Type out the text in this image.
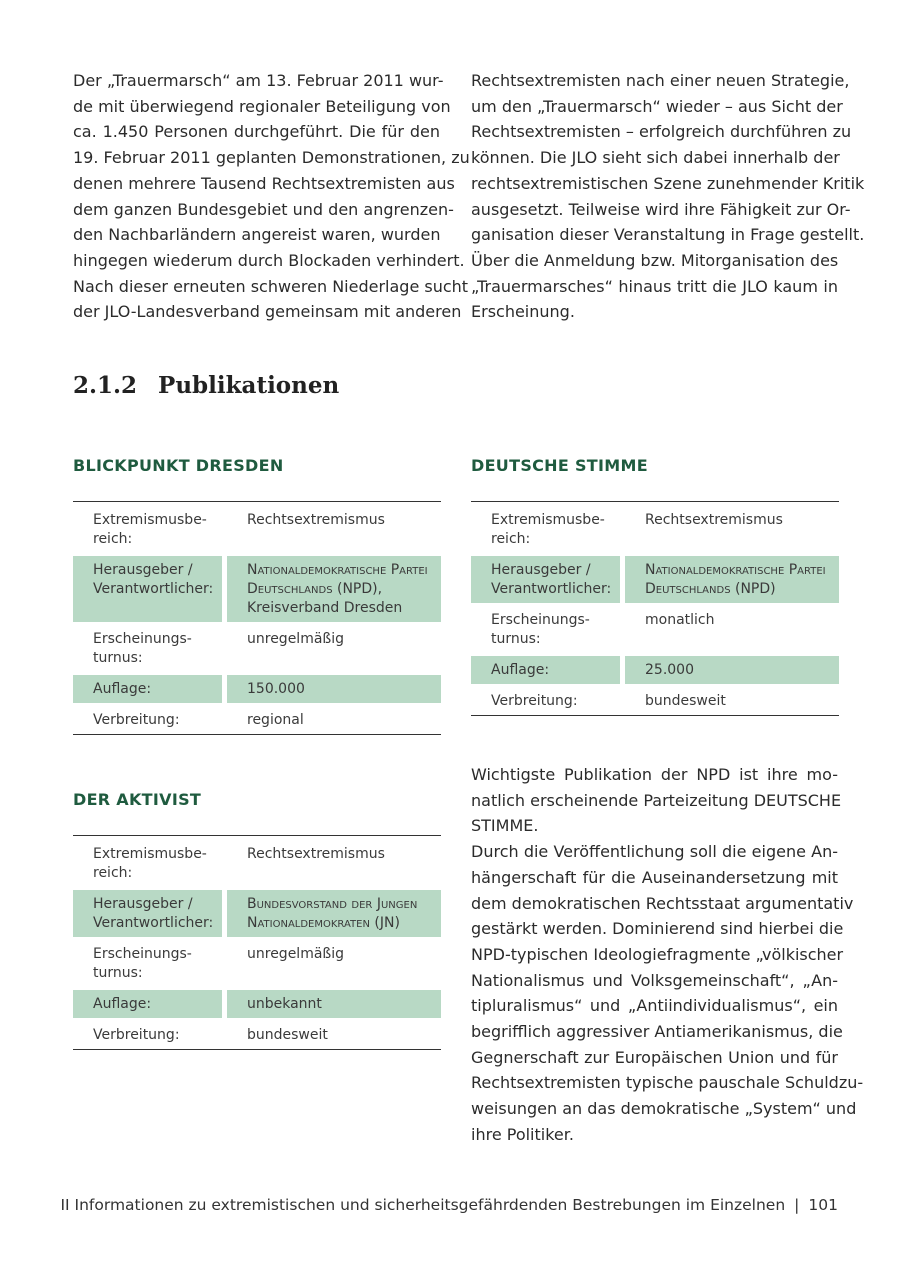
Der „Trauermarsch“ am 13. Februar 2011 wur-
de mit überwiegend regionaler Beteiligung von
ca. 1.450 Personen durchgeführt. Die für den
19. Februar 2011 geplanten Demonstrationen, zu
denen mehrere Tausend Rechtsextremisten aus
dem ganzen Bundesgebiet und den angrenzen-
den Nachbarländern angereist waren, wurden
hingegen wiederum durch Blockaden verhindert.
Nach dieser erneuten schweren Niederlage sucht
der JLO-Landesverband gemeinsam mit anderen
Rechtsextremisten nach einer neuen Strategie,
um den „Trauermarsch“ wieder – aus Sicht der
Rechtsextremisten – erfolgreich durchführen zu
können. Die JLO sieht sich dabei innerhalb der
rechtsextremistischen Szene zunehmender Kritik
ausgesetzt. Teilweise wird ihre Fähigkeit zur Or-
ganisation dieser Veranstaltung in Frage gestellt.
Über die Anmeldung bzw. Mitorganisation des
„Trauermarsches“ hinaus tritt die JLO kaum in
Erscheinung.
2.1.2 Publikationen
BLICKPUNKT DRESDEN
Extremismusbe-
reich:	Rechtsextremismus
Herausgeber /
Verantwortlicher:	Nationaldemokratische Partei Deutschlands (NPD),
Kreisverband Dresden
Erscheinungs-
turnus:	unregelmäßig
Auflage:	150.000
Verbreitung:	regional
DEUTSCHE STIMME
Extremismusbe-
reich:	Rechtsextremismus
Herausgeber /
Verantwortlicher:	Nationaldemokratische Partei Deutschlands (NPD)
Erscheinungs-
turnus:	monatlich
Auflage:	25.000
Verbreitung:	bundesweit
DER AKTIVIST
Extremismusbe-
reich:	Rechtsextremismus
Herausgeber /
Verantwortlicher:	Bundesvorstand der Jungen Nationaldemokraten (JN)
Erscheinungs-
turnus:	unregelmäßig
Auflage:	unbekannt
Verbreitung:	bundesweit
Wichtigste Publikation der NPD ist ihre mo-
natlich erscheinende Parteizeitung DEUTSCHE
STIMME.
Durch die Veröffentlichung soll die eigene An-
hängerschaft für die Auseinandersetzung mit
dem demokratischen Rechtsstaat argumentativ
gestärkt werden. Dominierend sind hierbei die
NPD-typischen Ideologiefragmente „völkischer
Nationalismus und Volksgemeinschaft“, „An-
tipluralismus“ und „Antiindividualismus“, ein
begrifflich aggressiver Antiamerikanismus, die
Gegnerschaft zur Europäischen Union und für
Rechtsextremisten typische pauschale Schuldzu-
weisungen an das demokratische „System“ und
ihre Politiker.
II Informationen zu extremistischen und sicherheitsgefährdenden Bestrebungen im Einzelnen | 101
